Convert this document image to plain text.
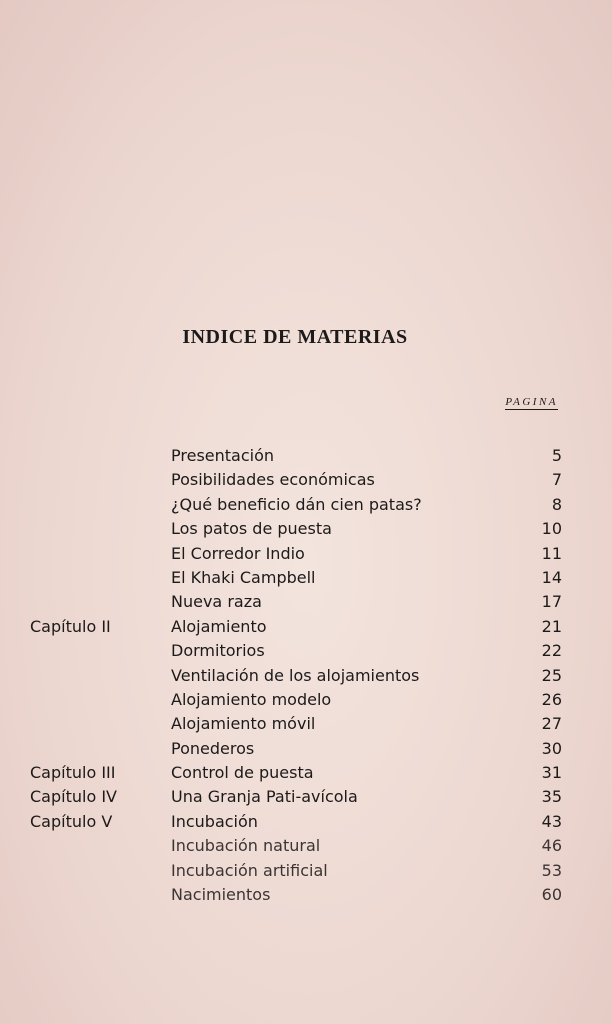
INDICE DE MATERIAS
PAGINA
Presentación	5
Posibilidades económicas	7
¿Qué beneficio dán cien patas?	8
Los patos de puesta	10
El Corredor Indio	11
El Khaki Campbell	14
Nueva raza	17
Capítulo II	Alojamiento	21
Dormitorios	22
Ventilación de los alojamientos	25
Alojamiento modelo	26
Alojamiento móvil	27
Ponederos	30
Capítulo III	Control de puesta	31
Capítulo IV	Una Granja Pati-avícola	35
Capítulo V	Incubación	43
Incubación natural	46
Incubación artificial	53
Nacimientos	60
